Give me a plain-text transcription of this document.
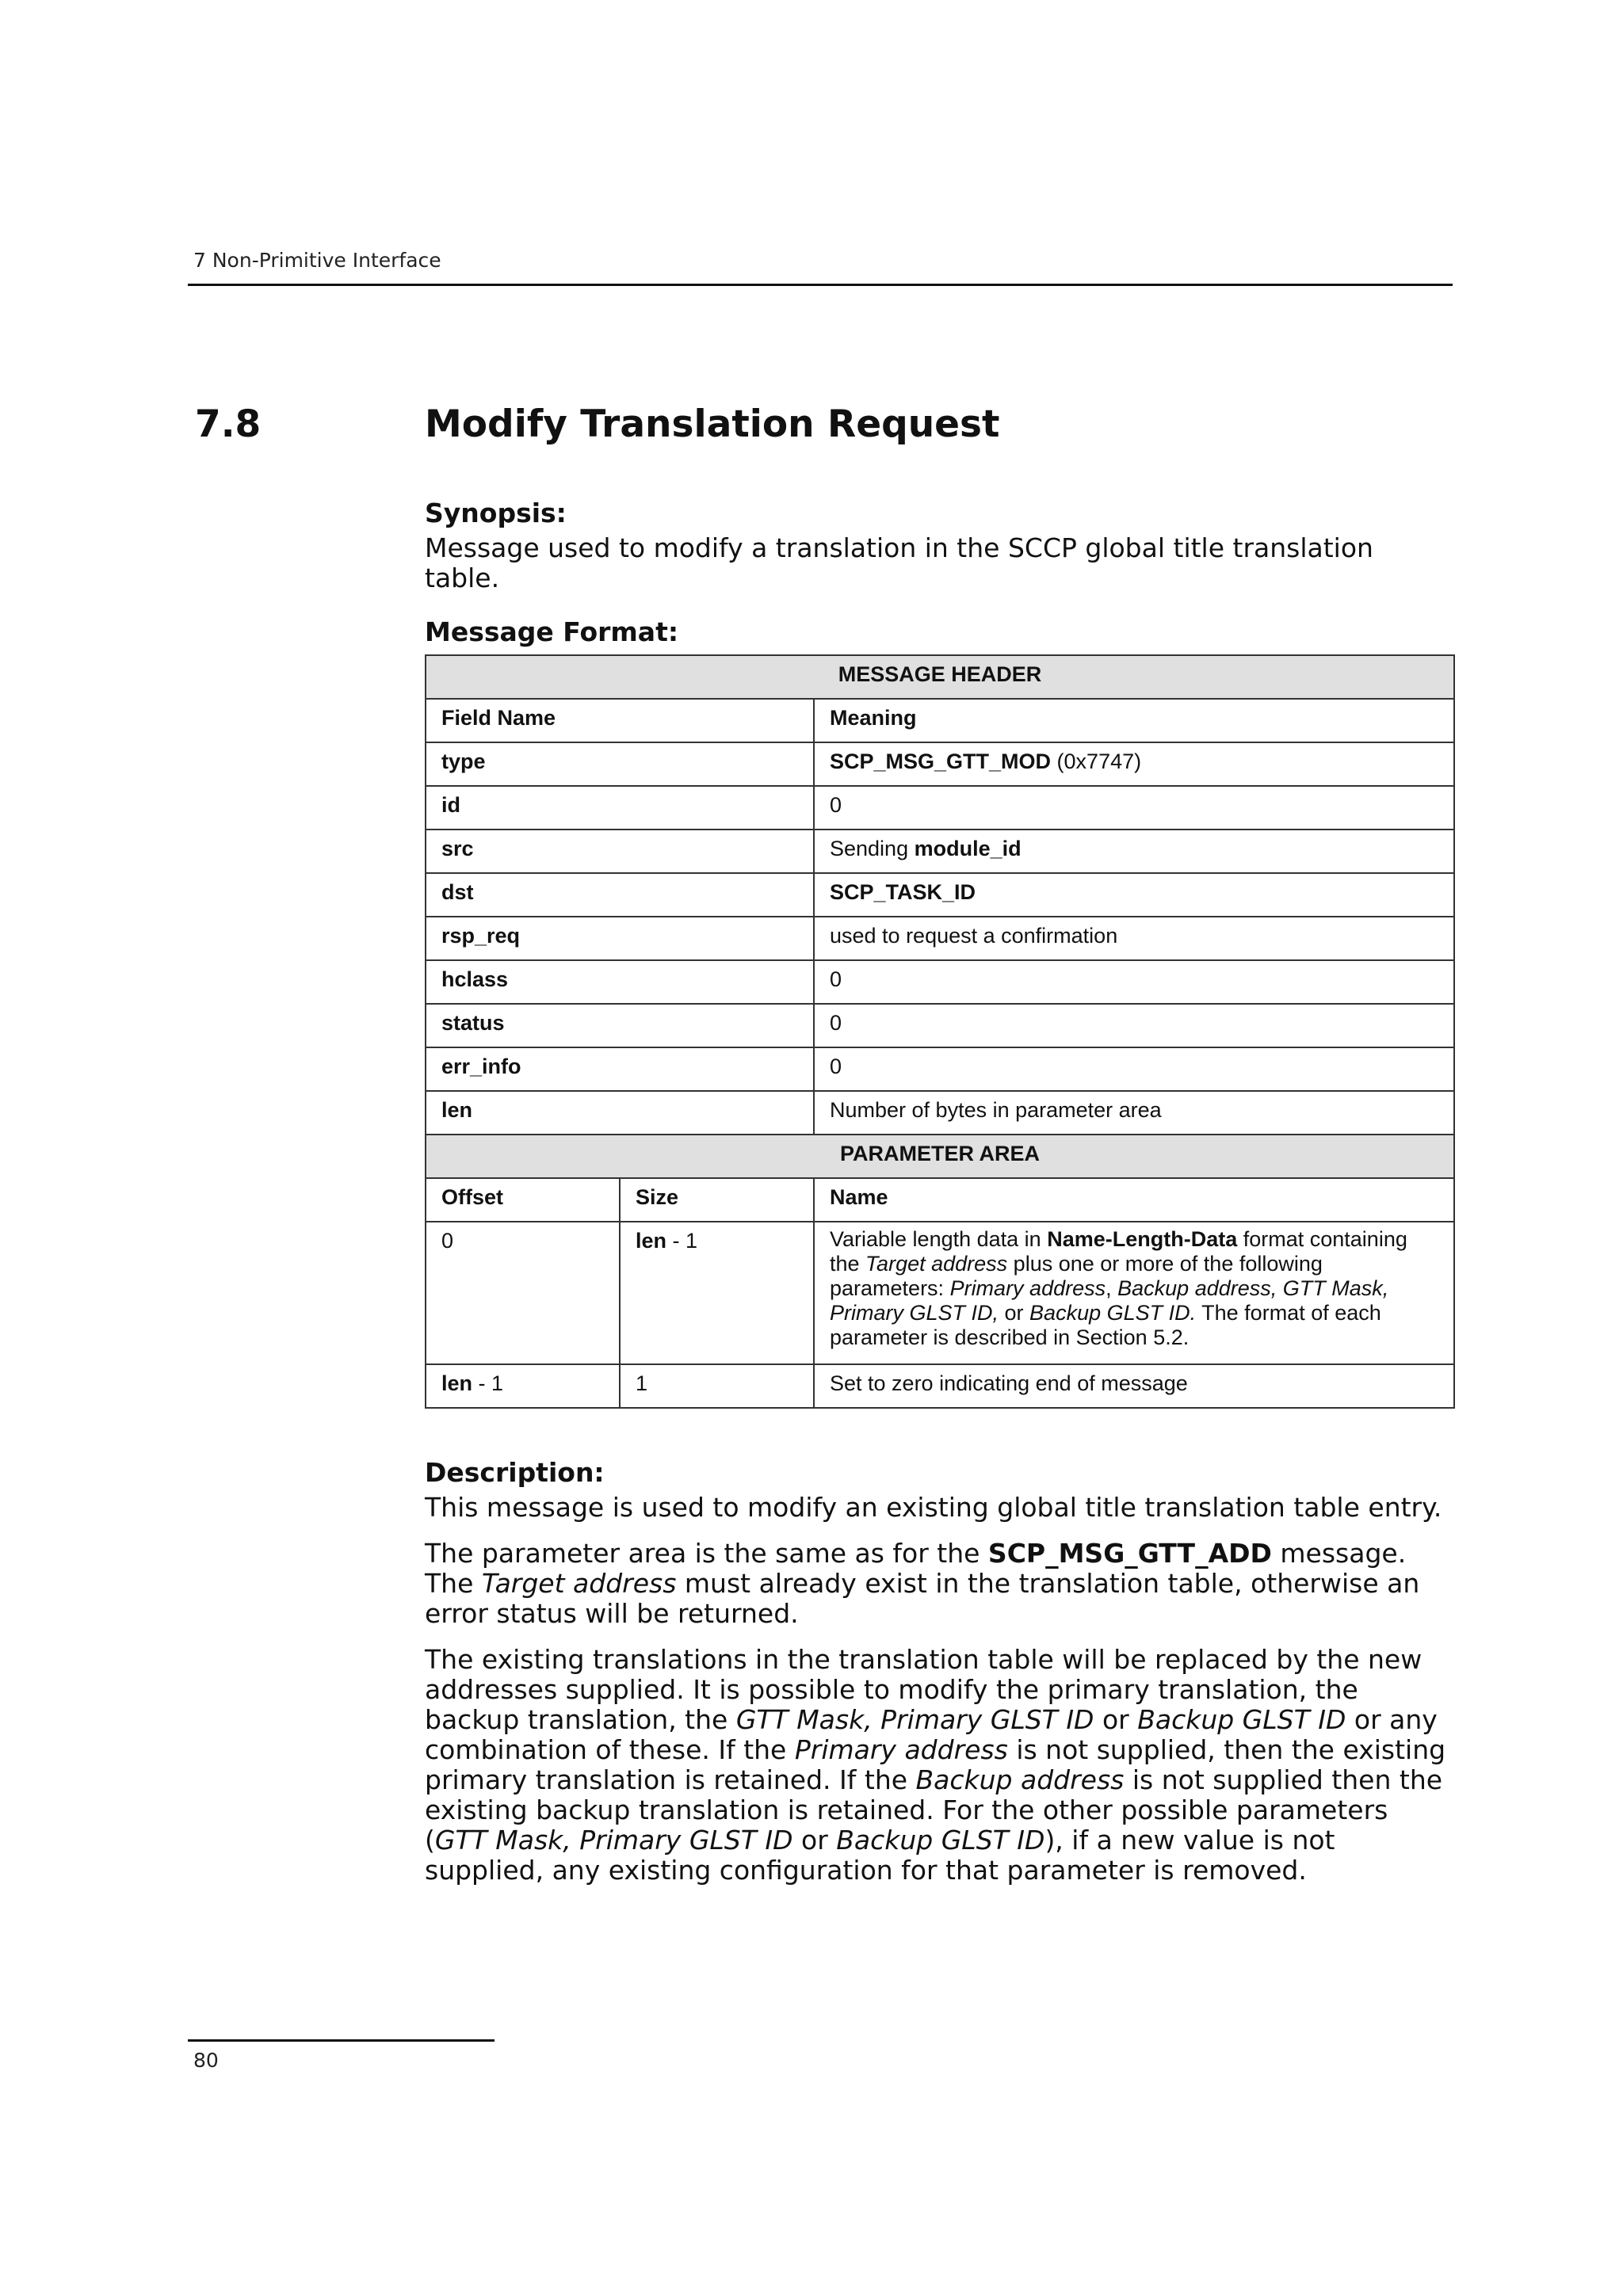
7 Non-Primitive Interface
7.8	Modify Translation Request
Synopsis:
Message used to modify a translation in the SCCP global title translation table.
Message Format:
MESSAGE HEADER		
Field Name		Meaning
type		SCP_MSG_GTT_MOD (0x7747)
id		0
src		Sending module_id
dst		SCP_TASK_ID
rsp_req		used to request a confirmation
hclass		0
status		0
err_info		0
len		Number of bytes in parameter area
PARAMETER AREA		
Offset	Size	Name
0	len - 1	Variable length data in Name-Length-Data format containing the Target address plus one or more of the following parameters: Primary address, Backup address, GTT Mask, Primary GLST ID, or Backup GLST ID. The format of each parameter is described in Section 5.2.
len - 1	1	Set to zero indicating end of message
Description:
This message is used to modify an existing global title translation table entry.
The parameter area is the same as for the SCP_MSG_GTT_ADD message. The Target address must already exist in the translation table, otherwise an error status will be returned.
The existing translations in the translation table will be replaced by the new addresses supplied. It is possible to modify the primary translation, the backup translation, the GTT Mask, Primary GLST ID or Backup GLST ID or any combination of these. If the Primary address is not supplied, then the existing primary translation is retained. If the Backup address is not supplied then the existing backup translation is retained. For the other possible parameters (GTT Mask, Primary GLST ID or Backup GLST ID), if a new value is not supplied, any existing configuration for that parameter is removed.
80
